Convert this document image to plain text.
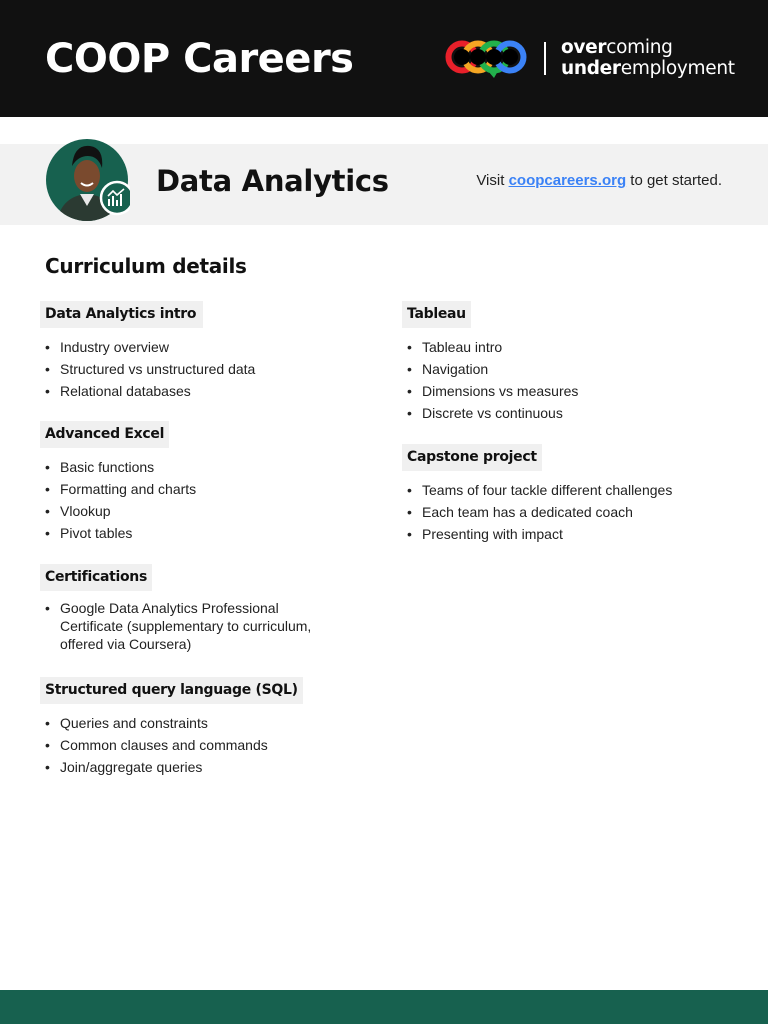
COOP Careers	overcoming
underemployment
Data Analytics	Visit coopcareers.org to get started.
Curriculum details
Data Analytics intro
• Industry overview
• Structured vs unstructured data
• Relational databases
Advanced Excel
• Basic functions
• Formatting and charts
• Vlookup
• Pivot tables
Certifications
• Google Data Analytics Professional Certificate (supplementary to curriculum, offered via Coursera)
Structured query language (SQL)
• Queries and constraints
• Common clauses and commands
• Join/aggregate queries
Tableau
• Tableau intro
• Navigation
• Dimensions vs measures
• Discrete vs continuous
Capstone project
• Teams of four tackle different challenges
• Each team has a dedicated coach
• Presenting with impact
